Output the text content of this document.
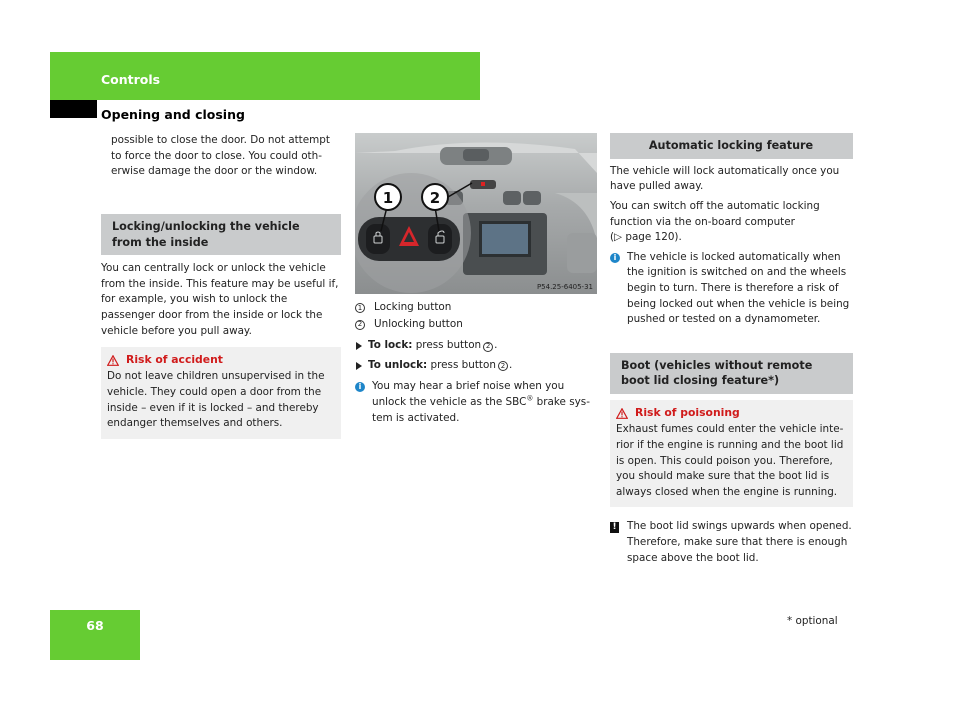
Controls
Opening and closing

possible to close the door. Do not attempt to force the door to close. You could oth-erwise damage the door or the window.

Locking/unlocking the vehicle from the inside

You can centrally lock or unlock the vehicle from the inside. This feature may be useful if, for example, you wish to unlock the passenger door from the inside or lock the vehicle before you pull away.

Risk of accident
Do not leave children unsupervised in the vehicle. They could open a door from the inside – even if it is locked – and thereby endanger themselves and others.
1 2
P54.25-6405-31
1 Locking button
2 Unlocking button
To lock: press button 2 .
To unlock: press button 2 .
i	You may hear a brief noise when you unlock the vehicle as the SBC® brake sys-tem is activated.
Automatic locking feature

The vehicle will lock automatically once you have pulled away.

You can switch off the automatic locking function via the on-board computer
(▷ page 120).

i	The vehicle is locked automatically when the ignition is switched on and the wheels begin to turn. There is therefore a risk of being locked out when the vehicle is being pushed or tested on a dynamometer.
Boot (vehicles without remote boot lid closing feature*)
Risk of poisoning
Exhaust fumes could enter the vehicle inte-rior if the engine is running and the boot lid is open. This could poison you. Therefore, you should make sure that the boot lid is always closed when the engine is running.
! The boot lid swings upwards when opened. Therefore, make sure that there is enough space above the boot lid.
68	* optional
